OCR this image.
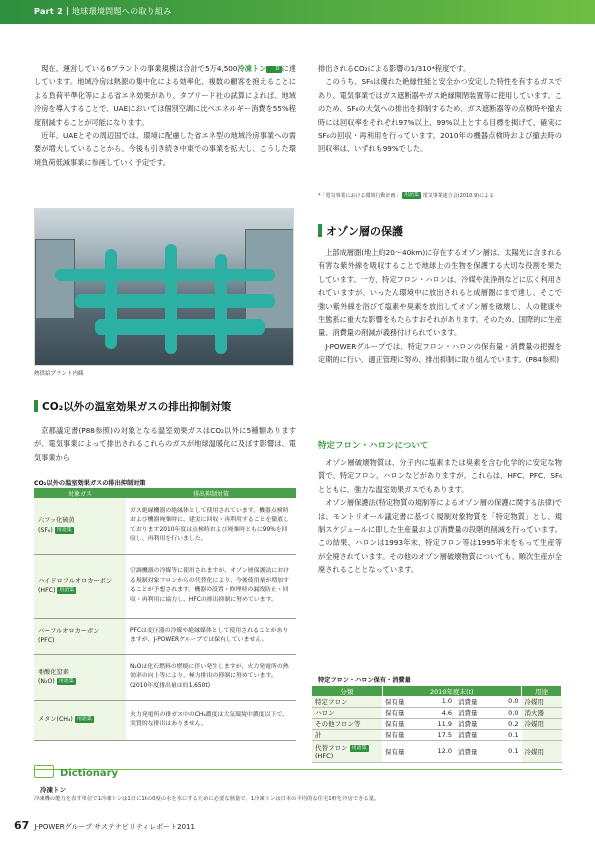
Part 2 地球環境問題への取り組み

現在、運営している6プラントの事業規模は合計で5万4,500冷凍トン D に達しています。地域冷房は熱源の集中化による効率化、複数の顧客を抱えることによる負荷平準化等による省エネ効果があり、タブリード社の試算によれば、地域冷房を導入することで、UAEにおいては個別空調に比べエネルギー消費を55%程度削減することが可能になります。

近年、UAEとその周辺国では、環境に配慮した省エネ型の地域冷房事業への需要が増大していることから、今後も引き続き中東での事業を拡大し、こうした環境負荷低減事業に参画していく予定です。

熱供給プラント内観
CO₂以外の温室効果ガスの排出抑制対策

京都議定書(P88参照)の対象となる温室効果ガスはCO₂以外に5種類ありますが、電気事業によって排出されるこれらのガスが地球温暖化に及ぼす影響は、電気事業から

CO₂以外の温室効果ガスの排出抑制対策
対象ガス	排出抑制対策
六フッ化硫黄
(SF₆) 用語集	ガス絶縁機器の絶縁体として使用されています。機器点検時および機器廃棄時に、建実に回収・再利用することを徹底しております2010年度は点検時および廃棄時ともに99%を回収し、再利用を行いました。
ハイドロフルオロカーボン
(HFC) 用語集	空調機器の冷媒等に使用されますが、オゾン層保護法における規制対象フロンからの代替化により、今後使用量が増加することが予想されます。機器の設置・修理時の漏洩防止・回収・再利用に協力し、HFCの排出抑制に努めています。
パーフルオロカーボン
(PFC)	PFCは変圧器の冷媒や絶縁媒体として使用されることがありますが、J-POWERグループでは保有していません。
亜酸化窒素
(N₂O) 用語集	N₂Oは化石燃料の燃焼に伴い発生しますが、火力発電所の熱効率の向上等により、極力排出の抑制に努めています。(2010年度排出量は約1,650t)
メタン(CH₄) 用語集	火力発電所の排ガス中のCH₄濃度は大気環境中濃度以下で、実質的な排出はありません。

排出されるCO₂による影響の1/310*程度です。

このうち、SF₆は優れた絶縁性能と安全かつ安定した特性を有するガスであり、電気事業ではガス遮断器やガス絶縁開閉装置等に使用しています。このため、SF₆の大気への排出を抑制するため、ガス遮断器等の点検時や撤去時には回収率をそれぞれ97%以上、99%以上とする目標を掲げて、確実にSF₆の回収・再利用を行っています。2010年の機器点検時および撤去時の回収率は、いずれも99%でした。

*「電気事業における環境行動計画」 用語集 電気事業連合会(2010.9)による
オゾン層の保護

上部成層圏(地上約20〜40km)に存在するオゾン層は、太陽光に含まれる有害な紫外線を吸収することで地球上の生物を保護する大切な役割を果たしています。一方、特定フロン・ハロンは、冷媒や洗浄剤などに広く利用されていますが、いったん環境中に放出されると成層圏にまで達し、そこで強い紫外線を浴びて塩素や臭素を放出してオゾン層を破壊し、人の健康や生態系に重大な影響をもたらすおそれがあります。そのため、国際的に生産量、消費量の削減が義務付けられています。

J-POWERグループでは、特定フロン・ハロンの保有量・消費量の把握を定期的に行い、適正管理に努め、排出抑制に取り組んでいます。(P84参照)

特定フロン・ハロンについて

オゾン層破壊物質は、分子内に塩素または臭素を含む化学的に安定な物質で、特定フロン、ハロンなどがありますが、これらは、HFC、PFC、SF₆とともに、強力な温室効果ガスでもあります。

オゾン層保護法(特定物質の規制等によるオゾン層の保護に関する法律)では、モントリオール議定書に基づく規制対象物質を「特定物質」とし、規制スケジュールに即した生産量および消費量の段階的削減を行っています。この結果、ハロンは1993年末、特定フロン等は1995年末をもって生産等が全廃されています。その他のオゾン層破壊物質についても、順次生産が全廃されることとなっています。

特定フロン・ハロン保有・消費量
分類	2010年度末(t)				用途
特定フロン	保有量	1.0	消費量	0.0	冷媒用
ハロン	保有量	4.6	消費量	0.0	消火器
その他フロン等	保有量	11.9	消費量	0.2	冷媒用
計	保有量	17.5	消費量	0.1	
代替フロン 用語集
(HFC)	保有量	12.0	消費量	0.1	冷媒用
Dictionary
冷凍トン
冷凍機の能力を表す単位で1冷凍トンは1日に1tの0度の水を氷にするために必要な熱量で、1冷凍トンは日本の平均的な住宅1軒を冷房できる量。
67 J-POWERグループ サステナビリティレポート2011
